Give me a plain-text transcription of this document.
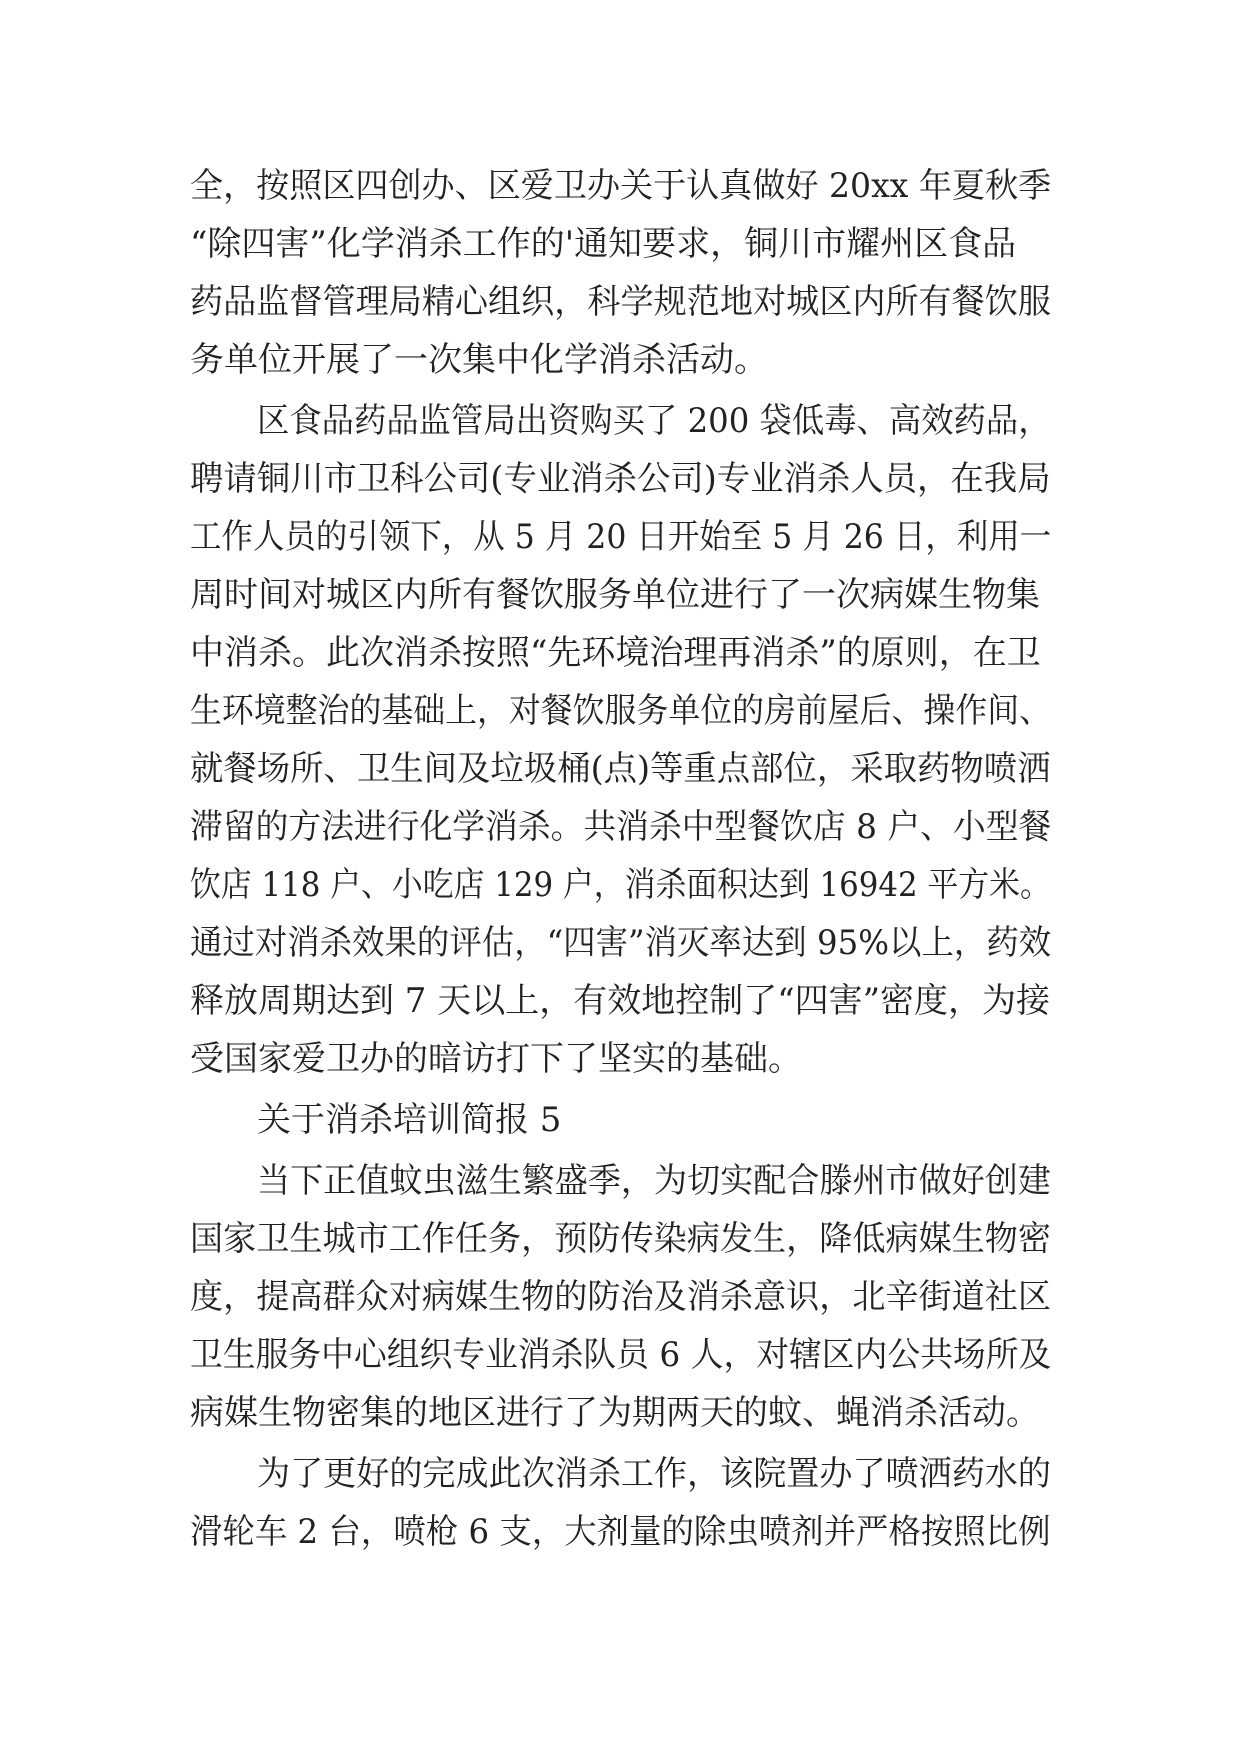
全，按照区四创办、区爱卫办关于认真做好 20xx 年夏秋季
“除四害”化学消杀工作的'通知要求，铜川市耀州区食品
药品监督管理局精心组织，科学规范地对城区内所有餐饮服
务单位开展了一次集中化学消杀活动。
区食品药品监管局出资购买了 200 袋低毒、高效药品，
聘请铜川市卫科公司(专业消杀公司)专业消杀人员，在我局
工作人员的引领下，从 5 月 20 日开始至 5 月 26 日，利用一
周时间对城区内所有餐饮服务单位进行了一次病媒生物集
中消杀。此次消杀按照“先环境治理再消杀”的原则，在卫
生环境整治的基础上，对餐饮服务单位的房前屋后、操作间、
就餐场所、卫生间及垃圾桶(点)等重点部位，采取药物喷洒
滞留的方法进行化学消杀。共消杀中型餐饮店 8 户、小型餐
饮店 118 户、小吃店 129 户，消杀面积达到 16942 平方米。
通过对消杀效果的评估，“四害”消灭率达到 95%以上，药效
释放周期达到 7 天以上，有效地控制了“四害”密度，为接
受国家爱卫办的暗访打下了坚实的基础。
关于消杀培训简报 5
当下正值蚊虫滋生繁盛季，为切实配合滕州市做好创建
国家卫生城市工作任务，预防传染病发生，降低病媒生物密
度，提高群众对病媒生物的防治及消杀意识，北辛街道社区
卫生服务中心组织专业消杀队员 6 人，对辖区内公共场所及
病媒生物密集的地区进行了为期两天的蚊、蝇消杀活动。
为了更好的完成此次消杀工作，该院置办了喷洒药水的
滑轮车 2 台，喷枪 6 支，大剂量的除虫喷剂并严格按照比例
